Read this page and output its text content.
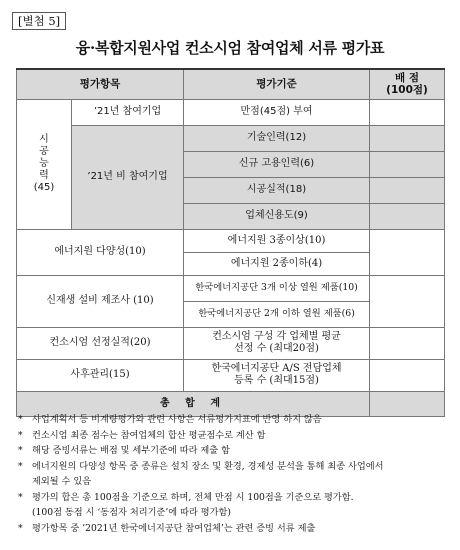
[별첨 5]
융·복합지원사업 컨소시엄 참여업체 서류 평가표
평가항목		평가기준	배 점
(100점)
시
공
능
력
(45)	’21년 참여기업	만점(45점) 부여	
	’21년 비 참여기업	기술인력(12)	
		신규 고용인력(6)	
		시공실적(18)	
		업체신용도(9)	
에너지원 다양성(10)		에너지원 3종이상(10)	
		에너지원 2종이하(4)	
신재생 설비 제조사 (10)		한국에너지공단 3개 이상 열원 제품(10)	
		한국에너지공단 2개 이하 열원 제품(6)	
컨소시엄 선정실적(20)		컨소시엄 구성 각 업체별 평균
선정 수 (최대20점)	
사후관리(15)		한국에너지공단 A/S 전담업체
등록 수 (최대15점)	
총 합 계			
* 사업계획서 등 비계량평가와 관련 사항은 서류평가지표에 반영 하지 않음
* 컨소시엄 최종 점수는 참여업체의 합산 평균점수로 계산 함
* 해당 증빙서류는 배점 및 세부기준에 따라 제출 함
* 에너지원의 다양성 항목 중 종류은 설치 장소 및 환경, 경제성 분석을 통해 최종 사업에서
제외될 수 있음
* 평가의 합은 총 100점을 기준으로 하며, 전체 만점 시 100점을 기준으로 평가함.
(100점 동점 시 ‘동점자 처리기준’에 따라 평가함)
* 평가항목 중 ’2021년 한국에너지공단 참여업체’는 관련 증빙 서류 제출
